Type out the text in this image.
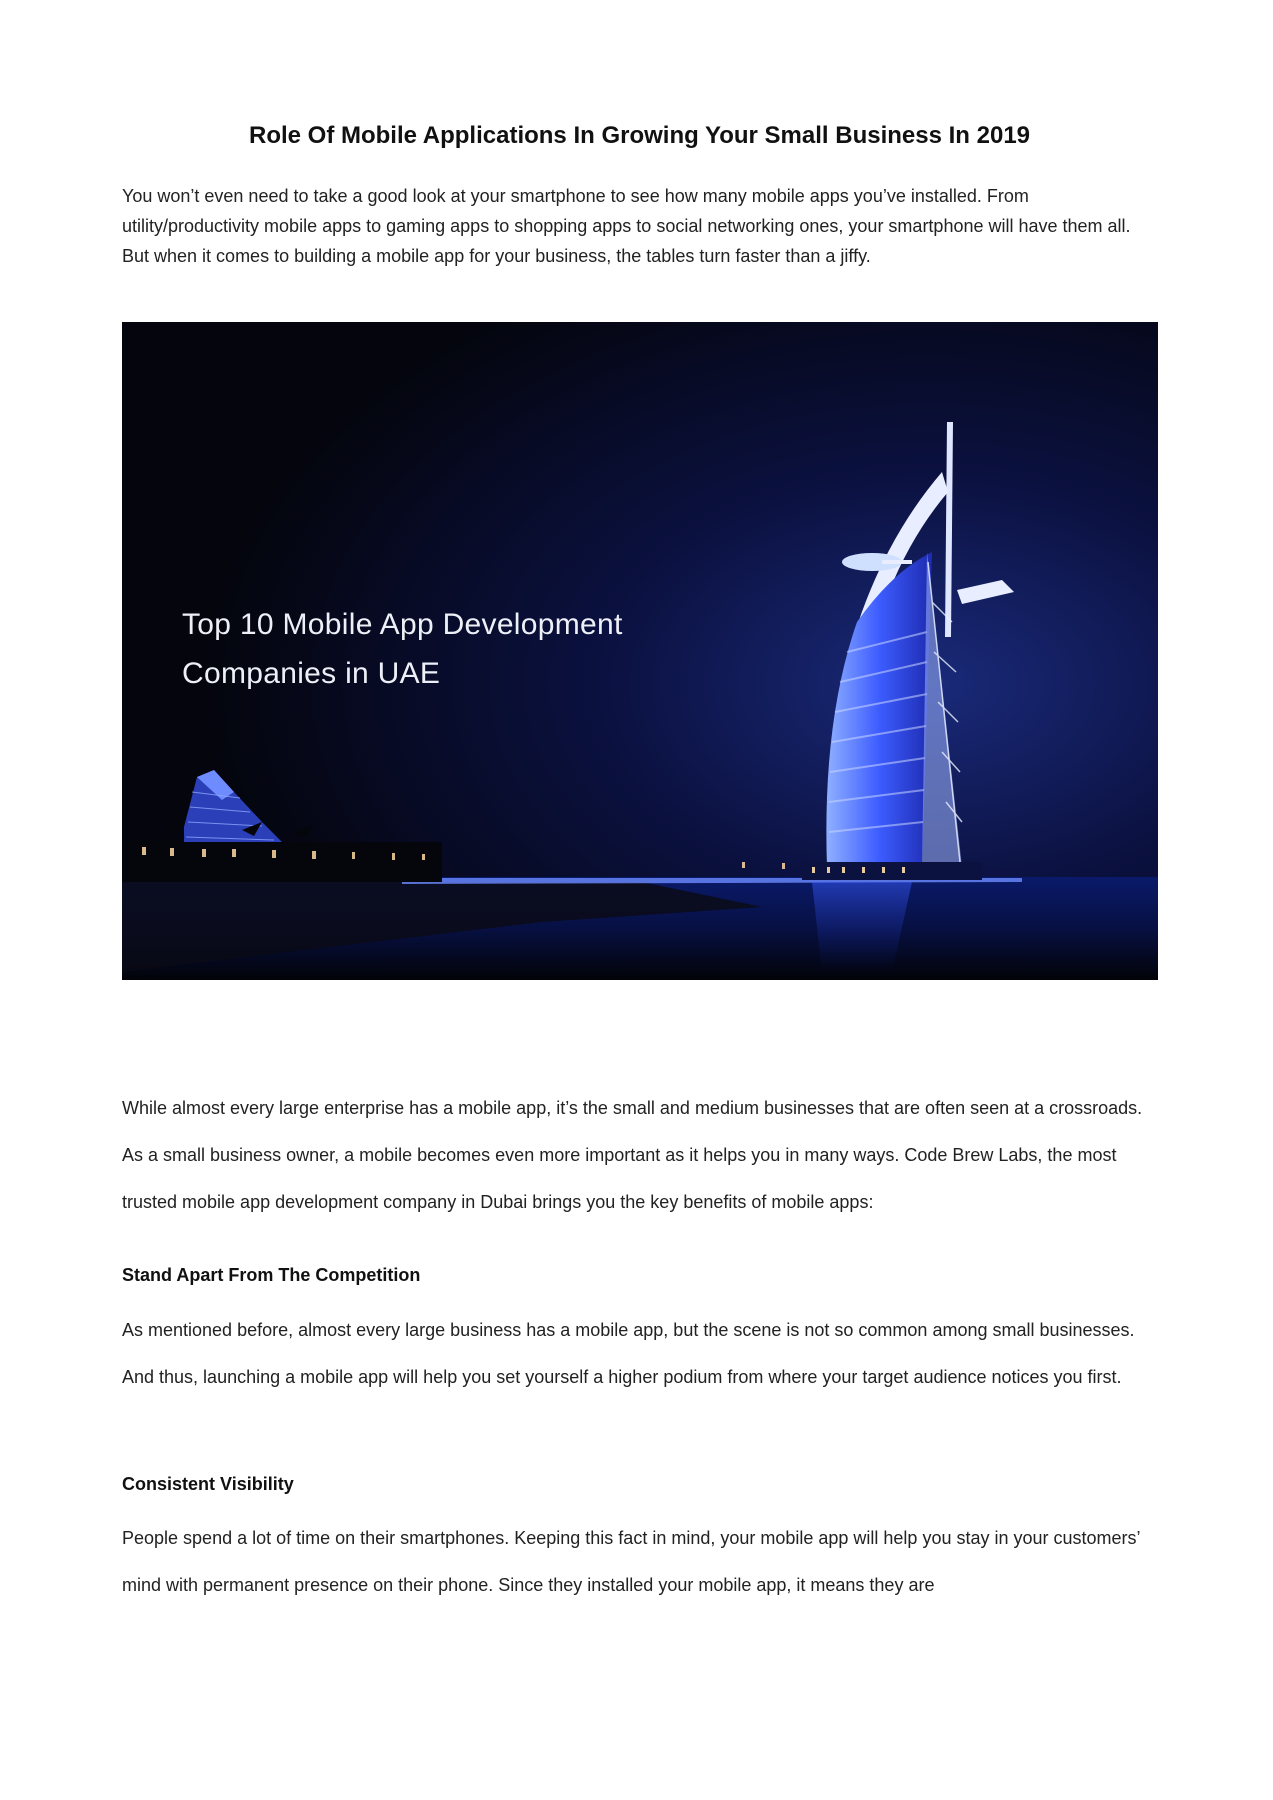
Role Of Mobile Applications In Growing Your Small Business In 2019

You won’t even need to take a good look at your smartphone to see how many mobile apps you’ve installed. From utility/productivity mobile apps to gaming apps to shopping apps to social networking ones, your smartphone will have them all. But when it comes to building a mobile app for your business, the tables turn faster than a jiffy.

Top 10 Mobile App Development
Companies in UAE

While almost every large enterprise has a mobile app, it’s the small and medium businesses that are often seen at a crossroads. As a small business owner, a mobile becomes even more important as it helps you in many ways. Code Brew Labs, the most trusted mobile app development company in Dubai brings you the key benefits of mobile apps:

Stand Apart From The Competition

As mentioned before, almost every large business has a mobile app, but the scene is not so common among small businesses. And thus, launching a mobile app will help you set yourself a higher podium from where your target audience notices you first.

Consistent Visibility

People spend a lot of time on their smartphones. Keeping this fact in mind, your mobile app will help you stay in your customers’ mind with permanent presence on their phone. Since they installed your mobile app, it means they are
